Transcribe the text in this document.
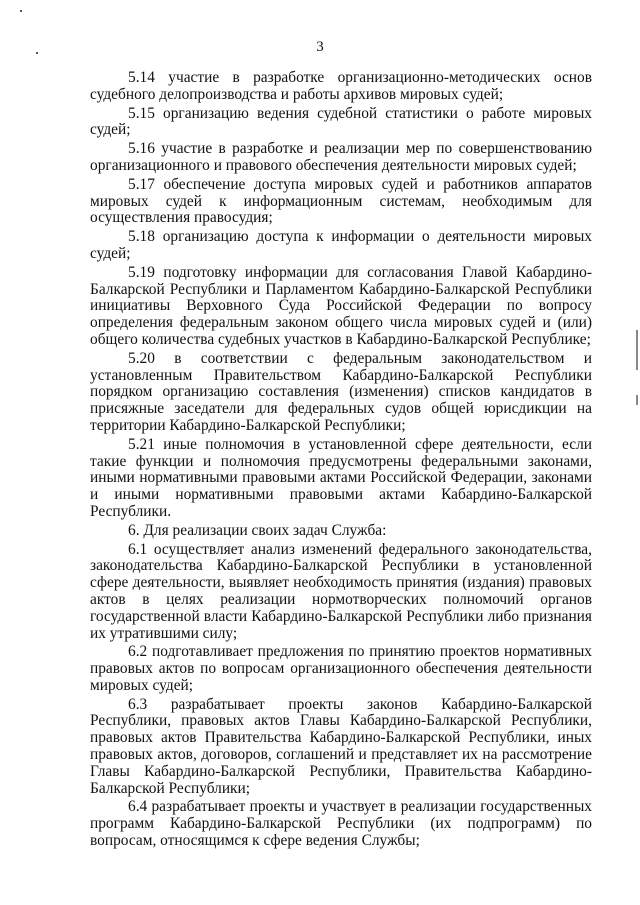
3

5.14 участие в разработке организационно-методических основ судебного делопроизводства и работы архивов мировых судей;

5.15 организацию ведения судебной статистики о работе мировых судей;

5.16 участие в разработке и реализации мер по совершенствованию организационного и правового обеспечения деятельности мировых судей;

5.17 обеспечение доступа мировых судей и работников аппаратов мировых судей к информационным системам, необходимым для осуществления правосудия;

5.18 организацию доступа к информации о деятельности мировых судей;

5.19 подготовку информации для согласования Главой Кабардино-Балкарской Республики и Парламентом Кабардино-Балкарской Республики инициативы Верховного Суда Российской Федерации по вопросу определения федеральным законом общего числа мировых судей и (или) общего количества судебных участков в Кабардино-Балкарской Республике;

5.20 в соответствии с федеральным законодательством и установленным Правительством Кабардино-Балкарской Республики порядком организацию составления (изменения) списков кандидатов в присяжные заседатели для федеральных судов общей юрисдикции на территории Кабардино-Балкарской Республики;

5.21 иные полномочия в установленной сфере деятельности, если такие функции и полномочия предусмотрены федеральными законами, иными нормативными правовыми актами Российской Федерации, законами и иными нормативными правовыми актами Кабардино-Балкарской Республики.

6. Для реализации своих задач Служба:

6.1 осуществляет анализ изменений федерального законодательства, законодательства Кабардино-Балкарской Республики в установленной сфере деятельности, выявляет необходимость принятия (издания) правовых актов в целях реализации нормотворческих полномочий органов государственной власти Кабардино-Балкарской Республики либо признания их утратившими силу;

6.2 подготавливает предложения по принятию проектов нормативных правовых актов по вопросам организационного обеспечения деятельности мировых судей;

6.3 разрабатывает проекты законов Кабардино-Балкарской Республики, правовых актов Главы Кабардино-Балкарской Республики, правовых актов Правительства Кабардино-Балкарской Республики, иных правовых актов, договоров, соглашений и представляет их на рассмотрение Главы Кабардино-Балкарской Республики, Правительства Кабардино-Балкарской Республики;

6.4 разрабатывает проекты и участвует в реализации государственных программ Кабардино-Балкарской Республики (их подпрограмм) по вопросам, относящимся к сфере ведения Службы;
